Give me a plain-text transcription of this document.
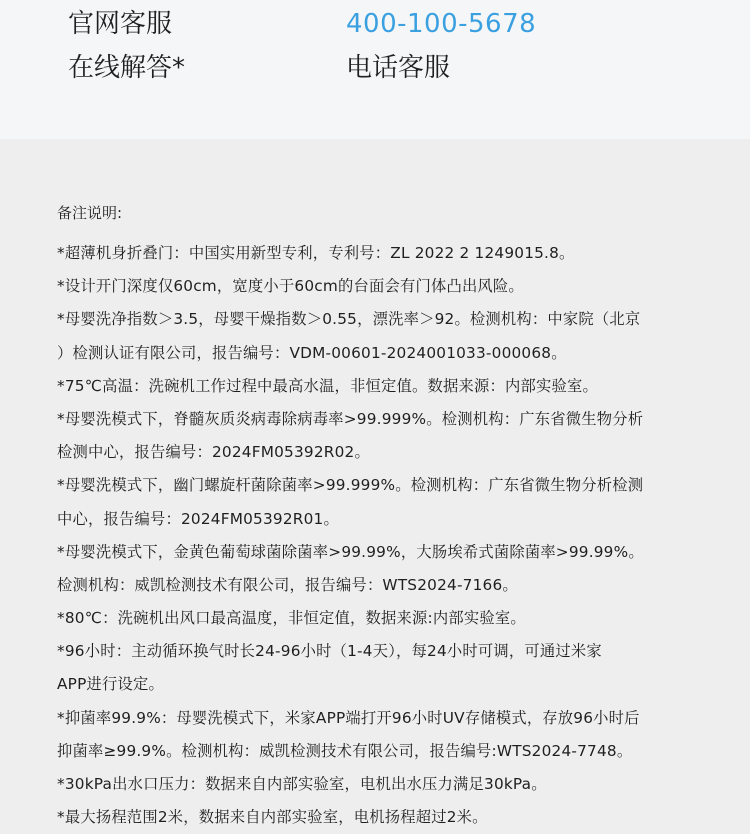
官网客服
在线解答*
400-100-5678
电话客服
备注说明:
*超薄机身折叠门：中国实用新型专利，专利号：ZL 2022 2 1249015.8。
*设计开门深度仅60cm，宽度小于60cm的台面会有门体凸出风险。
*母婴洗净指数＞3.5，母婴干燥指数＞0.55，漂洗率＞92。检测机构：中家院（北京
）检测认证有限公司，报告编号：VDM-00601-2024001033-000068。
*75℃高温：洗碗机工作过程中最高水温，非恒定值。数据来源：内部实验室。
*母婴洗模式下，脊髓灰质炎病毒除病毒率>99.999%。检测机构：广东省微生物分析
检测中心，报告编号：2024FM05392R02。
*母婴洗模式下，幽门螺旋杆菌除菌率>99.999%。检测机构：广东省微生物分析检测
中心，报告编号：2024FM05392R01。
*母婴洗模式下，金黄色葡萄球菌除菌率>99.99%，大肠埃希式菌除菌率>99.99%。
检测机构：威凯检测技术有限公司，报告编号：WTS2024-7166。
*80℃：洗碗机出风口最高温度，非恒定值，数据来源:内部实验室。
*96小时：主动循环换气时长24-96小时（1-4天），每24小时可调，可通过米家
APP进行设定。
*抑菌率99.9%：母婴洗模式下，米家APP端打开96小时UV存储模式，存放96小时后
抑菌率≥99.9%。检测机构：威凯检测技术有限公司，报告编号:WTS2024-7748。
*30kPa出水口压力：数据来自内部实验室，电机出水压力满足30kPa。
*最大扬程范围2米，数据来自内部实验室，电机扬程超过2米。
